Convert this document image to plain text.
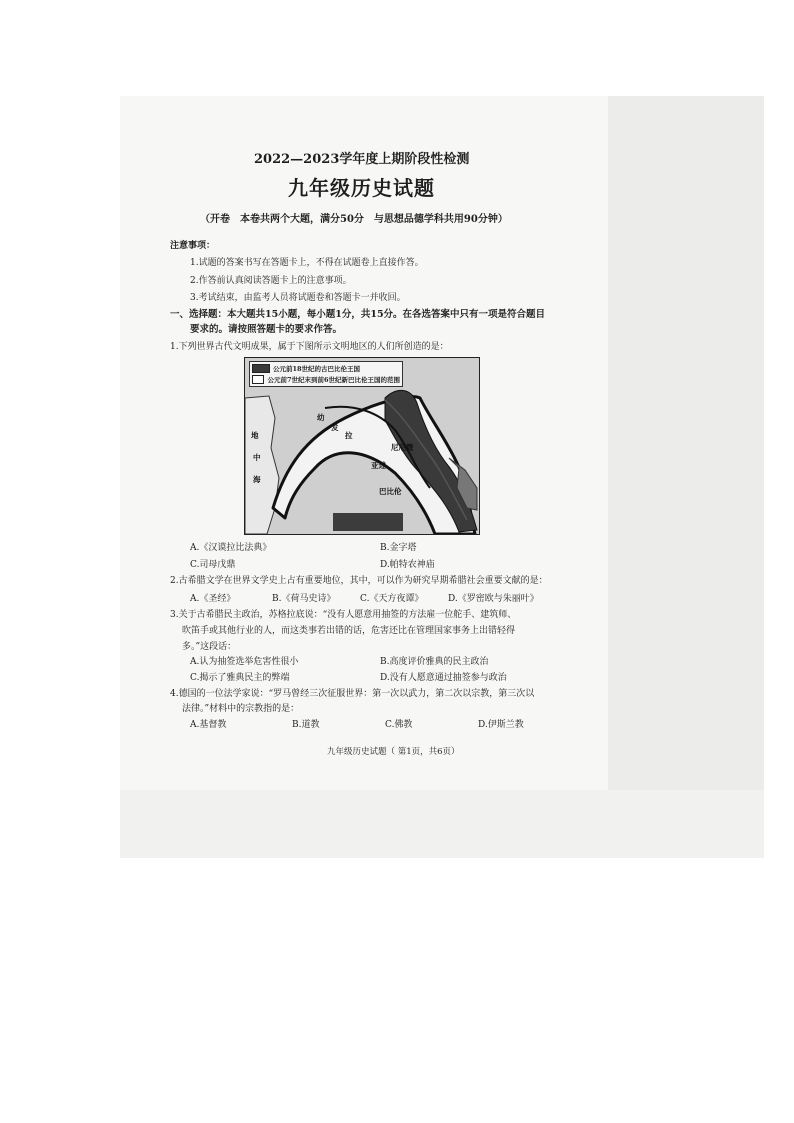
2022—2023学年度上期阶段性检测
九年级历史试题
（开卷　本卷共两个大题，满分50分　与思想品德学科共用90分钟）
注意事项：
1.试题的答案书写在答题卡上，不得在试题卷上直接作答。
2.作答前认真阅读答题卡上的注意事项。
3.考试结束，由监考人员将试题卷和答题卡一并收回。
一、选择题：本大题共15小题，每小题1分，共15分。在各选答案中只有一项是符合题目
要求的。请按照答题卡的要求作答。
1.下列世界古代文明成果，属于下图所示文明地区的人们所创造的是：
公元前18世纪的古巴比伦王国
公元前7世纪末到前6世纪新巴比伦王国的范围
尼尼微
亚述
巴比伦
幼
发
拉
地
中
海
A.《汉谟拉比法典》	B.金字塔
C.司母戊鼎	D.帕特农神庙
2.古希腊文学在世界文学史上占有重要地位，其中，可以作为研究早期希腊社会重要文献的是：
A.《圣经》	B.《荷马史诗》	C.《天方夜谭》	D.《罗密欧与朱丽叶》
3.关于古希腊民主政治，苏格拉底说：“没有人愿意用抽签的方法雇一位舵手、建筑师、
吹笛手或其他行业的人，而这类事若出错的话，危害还比在管理国家事务上出错轻得
多。”这段话：
A.认为抽签选举危害性很小	B.高度评价雅典的民主政治
C.揭示了雅典民主的弊端	D.没有人愿意通过抽签参与政治
4.德国的一位法学家说：“罗马曾经三次征服世界：第一次以武力，第二次以宗教，第三次以
法律。”材料中的宗教指的是：
A.基督教	B.道教	C.佛教	D.伊斯兰教
九年级历史试题（ 第1页，共6页）
